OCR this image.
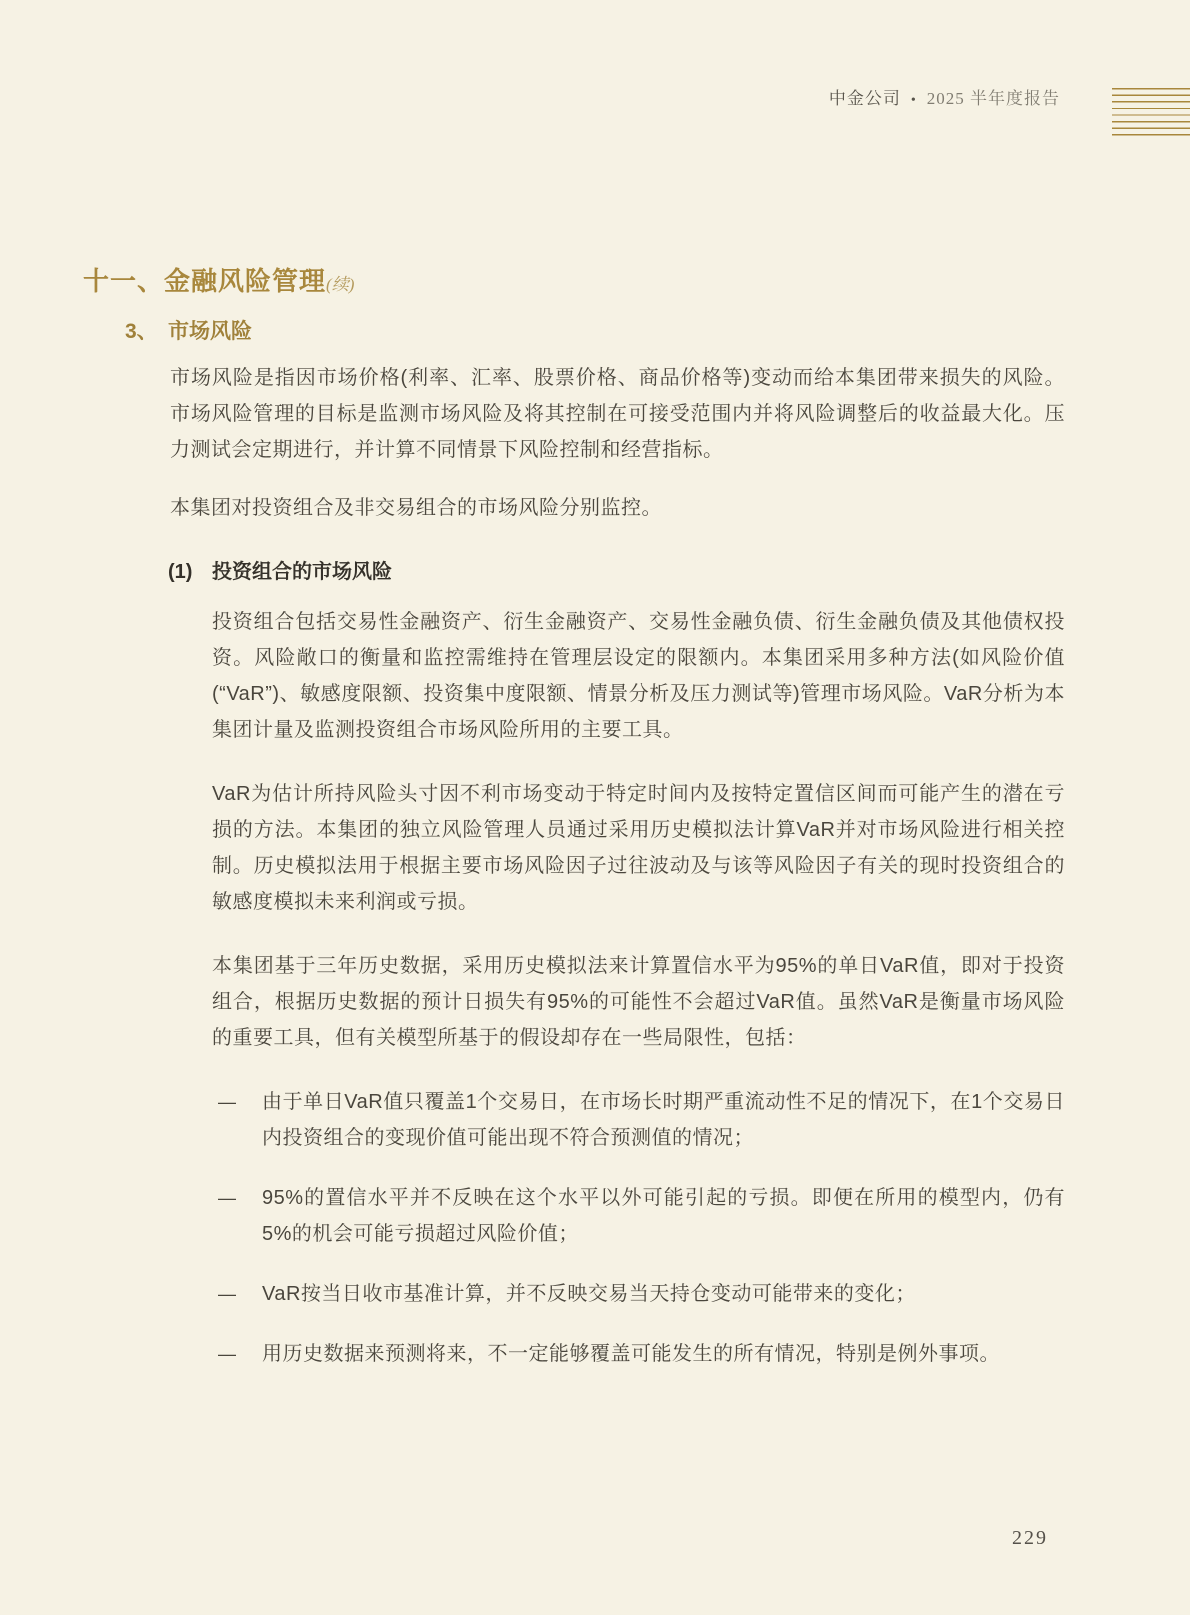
中金公司 • 2025 半年度报告
十一、金融风险管理(续)
3、 市场风险

市场风险是指因市场价格(利率、汇率、股票价格、商品价格等)变动而给本集团带来损失的风险。市场风险管理的目标是监测市场风险及将其控制在可接受范围内并将风险调整后的收益最大化。压力测试会定期进行，并计算不同情景下风险控制和经营指标。

本集团对投资组合及非交易组合的市场风险分别监控。

(1) 投资组合的市场风险

投资组合包括交易性金融资产、衍生金融资产、交易性金融负债、衍生金融负债及其他债权投资。风险敞口的衡量和监控需维持在管理层设定的限额内。本集团采用多种方法(如风险价值(“VaR”)、敏感度限额、投资集中度限额、情景分析及压力测试等)管理市场风险。VaR分析为本集团计量及监测投资组合市场风险所用的主要工具。

VaR为估计所持风险头寸因不利市场变动于特定时间内及按特定置信区间而可能产生的潜在亏损的方法。本集团的独立风险管理人员通过采用历史模拟法计算VaR并对市场风险进行相关控制。历史模拟法用于根据主要市场风险因子过往波动及与该等风险因子有关的现时投资组合的敏感度模拟未来利润或亏损。

本集团基于三年历史数据，采用历史模拟法来计算置信水平为95%的单日VaR值，即对于投资组合，根据历史数据的预计日损失有95%的可能性不会超过VaR值。虽然VaR是衡量市场风险的重要工具，但有关模型所基于的假设却存在一些局限性，包括：

—	由于单日VaR值只覆盖1个交易日，在市场长时期严重流动性不足的情况下，在1个交易日内投资组合的变现价值可能出现不符合预测值的情况；
—	95%的置信水平并不反映在这个水平以外可能引起的亏损。即便在所用的模型内，仍有5%的机会可能亏损超过风险价值；
—	VaR按当日收市基准计算，并不反映交易当天持仓变动可能带来的变化；
—	用历史数据来预测将来，不一定能够覆盖可能发生的所有情况，特别是例外事项。
229
